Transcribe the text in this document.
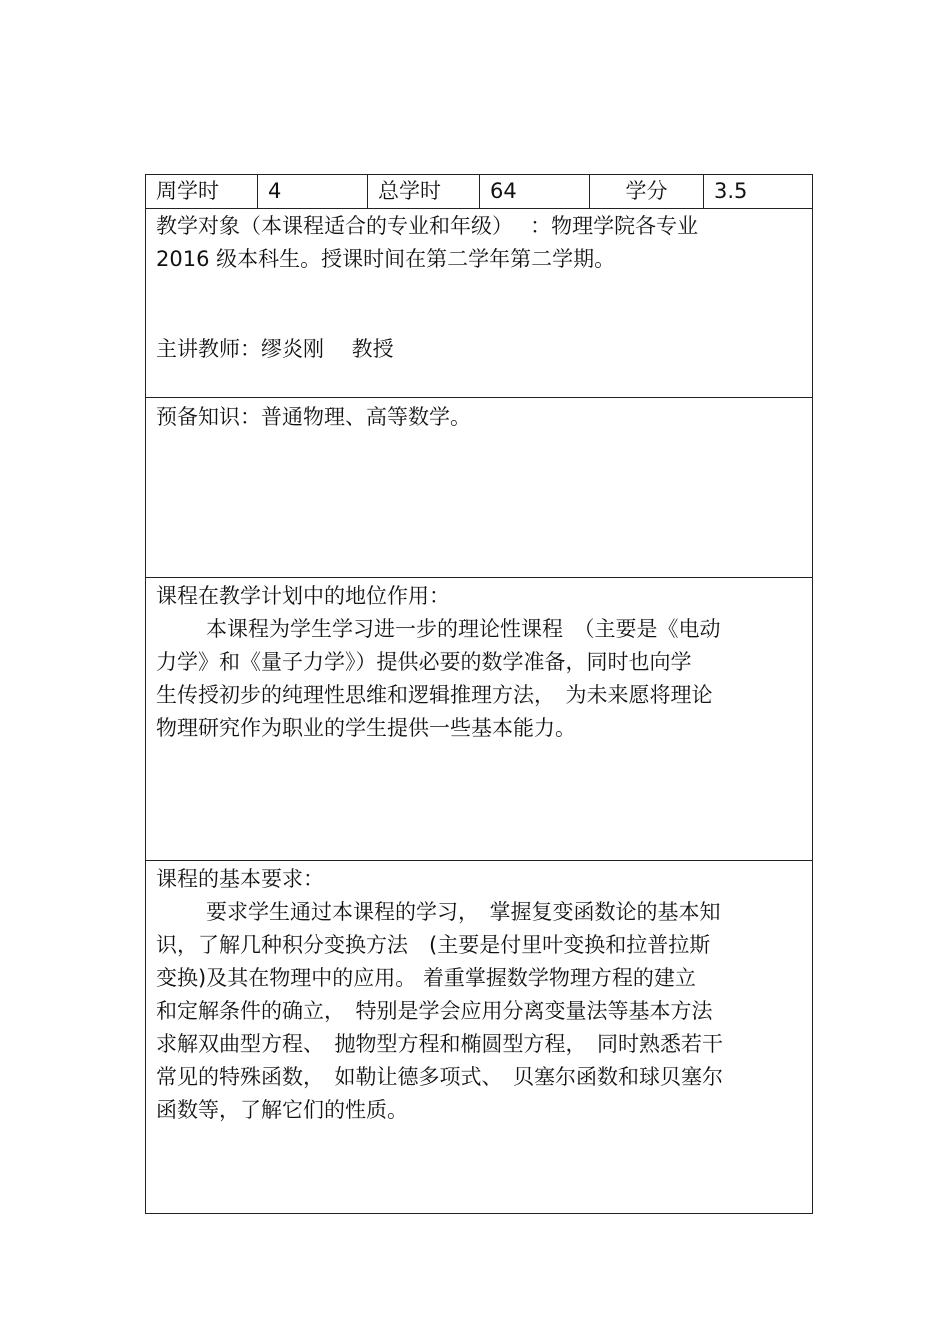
周学时	4	总学时	64	学分	3.5
教学对象（本课程适合的专业和年级）　 ：物理学院各专业
2016 级本科生。授课时间在第二学年第二学期。
主讲教师：缪炎刚　 教授
预备知识：普通物理、高等数学。
课程在教学计划中的地位作用：
本课程为学生学习进一步的理论性课程　（主要是《电动
力学》和《量子力学》）提供必要的数学准备，同时也向学
生传授初步的纯理性思维和逻辑推理方法，　为未来愿将理论
物理研究作为职业的学生提供一些基本能力。
课程的基本要求：
要求学生通过本课程的学习，　掌握复变函数论的基本知
识，了解几种积分变换方法　(主要是付里叶变换和拉普拉斯
变换)及其在物理中的应用。 着重掌握数学物理方程的建立
和定解条件的确立，　特别是学会应用分离变量法等基本方法
求解双曲型方程、　抛物型方程和椭圆型方程，　同时熟悉若干
常见的特殊函数，　如勒让德多项式、　贝塞尔函数和球贝塞尔
函数等，了解它们的性质。
